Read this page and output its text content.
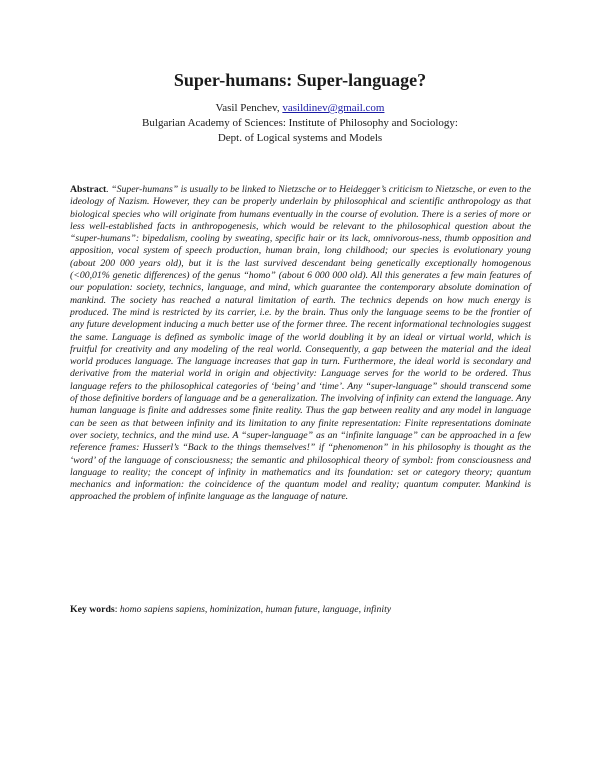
Super-humans: Super-language?
Vasil Penchev, vasildinev@gmail.com
Bulgarian Academy of Sciences: Institute of Philosophy and Sociology:
Dept. of Logical systems and Models

Abstract. “Super-humans” is usually to be linked to Nietzsche or to Heidegger’s criticism to Nietzsche, or even to the ideology of Nazism. However, they can be properly underlain by philosophical and scientific anthropology as that biological species who will originate from humans eventually in the course of evolution. There is a series of more or less well-established facts in anthropogenesis, which would be relevant to the philosophical question about the “super-humans”: bipedalism, cooling by sweating, specific hair or its lack, omnivorous-ness, thumb opposition and apposition, vocal system of speech production, human brain, long childhood; our species is evolutionary young (about 200 000 years old), but it is the last survived descendant being genetically exceptionally homogenous (<00,01% genetic differences) of the genus “homo” (about 6 000 000 old). All this generates a few main features of our population: society, technics, language, and mind, which guarantee the contemporary absolute domination of mankind. The society has reached a natural limitation of earth. The technics depends on how much energy is produced. The mind is restricted by its carrier, i.e. by the brain. Thus only the language seems to be the frontier of any future development inducing a much better use of the former three. The recent informational technologies suggest the same. Language is defined as symbolic image of the world doubling it by an ideal or virtual world, which is fruitful for creativity and any modeling of the real world. Consequently, a gap between the material and the ideal world produces language. The language increases that gap in turn. Furthermore, the ideal world is secondary and derivative from the material world in origin and objectivity: Language serves for the world to be ordered. Thus language refers to the philosophical categories of ‘being’ and ‘time’. Any “super-language” should transcend some of those definitive borders of language and be a generalization. The involving of infinity can extend the language. Any human language is finite and addresses some finite reality. Thus the gap between reality and any model in language can be seen as that between infinity and its limitation to any finite representation: Finite representations dominate over society, technics, and the mind use. A “super-language” as an “infinite language” can be approached in a few reference frames: Husserl’s “Back to the things themselves!” if “phenomenon” in his philosophy is thought as the ‘word’ of the language of consciousness; the semantic and philosophical theory of symbol: from consciousness and language to reality; the concept of infinity in mathematics and its foundation: set or category theory; quantum mechanics and information: the coincidence of the quantum model and reality; quantum computer. Mankind is approached the problem of infinite language as the language of nature.

Key words: homo sapiens sapiens, hominization, human future, language, infinity
